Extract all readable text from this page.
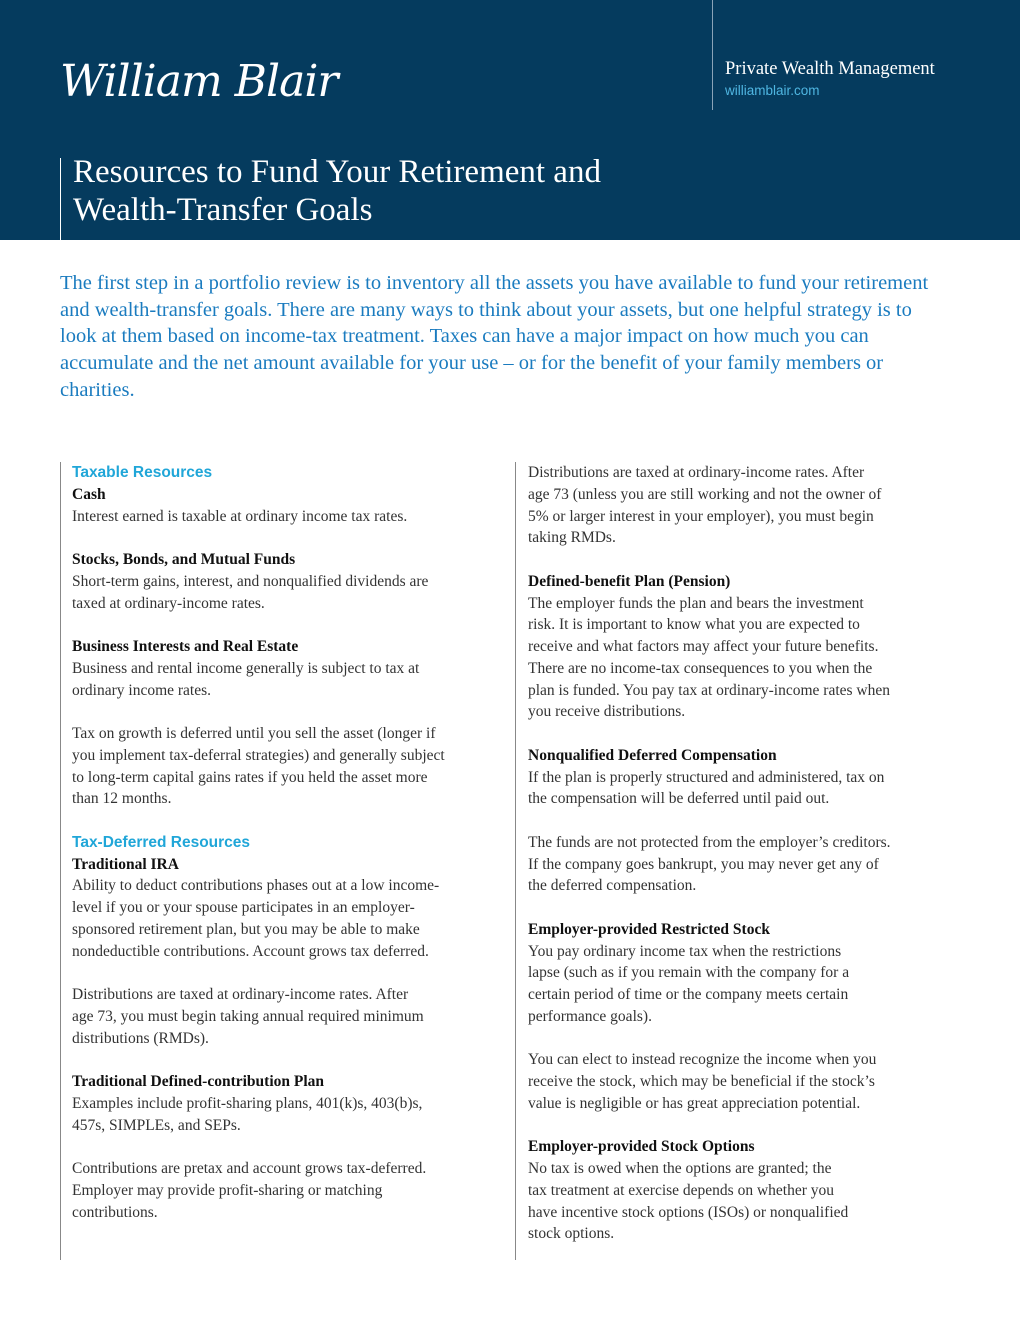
William Blair	Private Wealth Management
williamblair.com
Resources to Fund Your Retirement and
Wealth-Transfer Goals
The first step in a portfolio review is to inventory all the assets you have available to fund your retirement and wealth-transfer goals. There are many ways to think about your assets, but one helpful strategy is to look at them based on income-tax treatment. Taxes can have a major impact on how much you can accumulate and the net amount available for your use – or for the benefit of your family members or charities.
Taxable Resources
Cash
Interest earned is taxable at ordinary income tax rates.
Stocks, Bonds, and Mutual Funds
Short-term gains, interest, and nonqualified dividends are
taxed at ordinary-income rates.
Business Interests and Real Estate
Business and rental income generally is subject to tax at
ordinary income rates.
Tax on growth is deferred until you sell the asset (longer if
you implement tax-deferral strategies) and generally subject
to long-term capital gains rates if you held the asset more
than 12 months.
Tax-Deferred Resources
Traditional IRA
Ability to deduct contributions phases out at a low income-
level if you or your spouse participates in an employer-
sponsored retirement plan, but you may be able to make
nondeductible contributions. Account grows tax deferred.
Distributions are taxed at ordinary-income rates. After
age 73, you must begin taking annual required minimum
distributions (RMDs).
Traditional Defined-contribution Plan
Examples include profit-sharing plans, 401(k)s, 403(b)s,
457s, SIMPLEs, and SEPs.
Contributions are pretax and account grows tax-deferred.
Employer may provide profit-sharing or matching
contributions.
Distributions are taxed at ordinary-income rates. After
age 73 (unless you are still working and not the owner of
5% or larger interest in your employer), you must begin
taking RMDs.
Defined-benefit Plan (Pension)
The employer funds the plan and bears the investment
risk. It is important to know what you are expected to
receive and what factors may affect your future benefits.
There are no income-tax consequences to you when the
plan is funded. You pay tax at ordinary-income rates when
you receive distributions.
Nonqualified Deferred Compensation
If the plan is properly structured and administered, tax on
the compensation will be deferred until paid out.
The funds are not protected from the employer’s creditors.
If the company goes bankrupt, you may never get any of
the deferred compensation.
Employer-provided Restricted Stock
You pay ordinary income tax when the restrictions
lapse (such as if you remain with the company for a
certain period of time or the company meets certain
performance goals).
You can elect to instead recognize the income when you
receive the stock, which may be beneficial if the stock’s
value is negligible or has great appreciation potential.
Employer-provided Stock Options
No tax is owed when the options are granted; the
tax treatment at exercise depends on whether you
have incentive stock options (ISOs) or nonqualified
stock options.
